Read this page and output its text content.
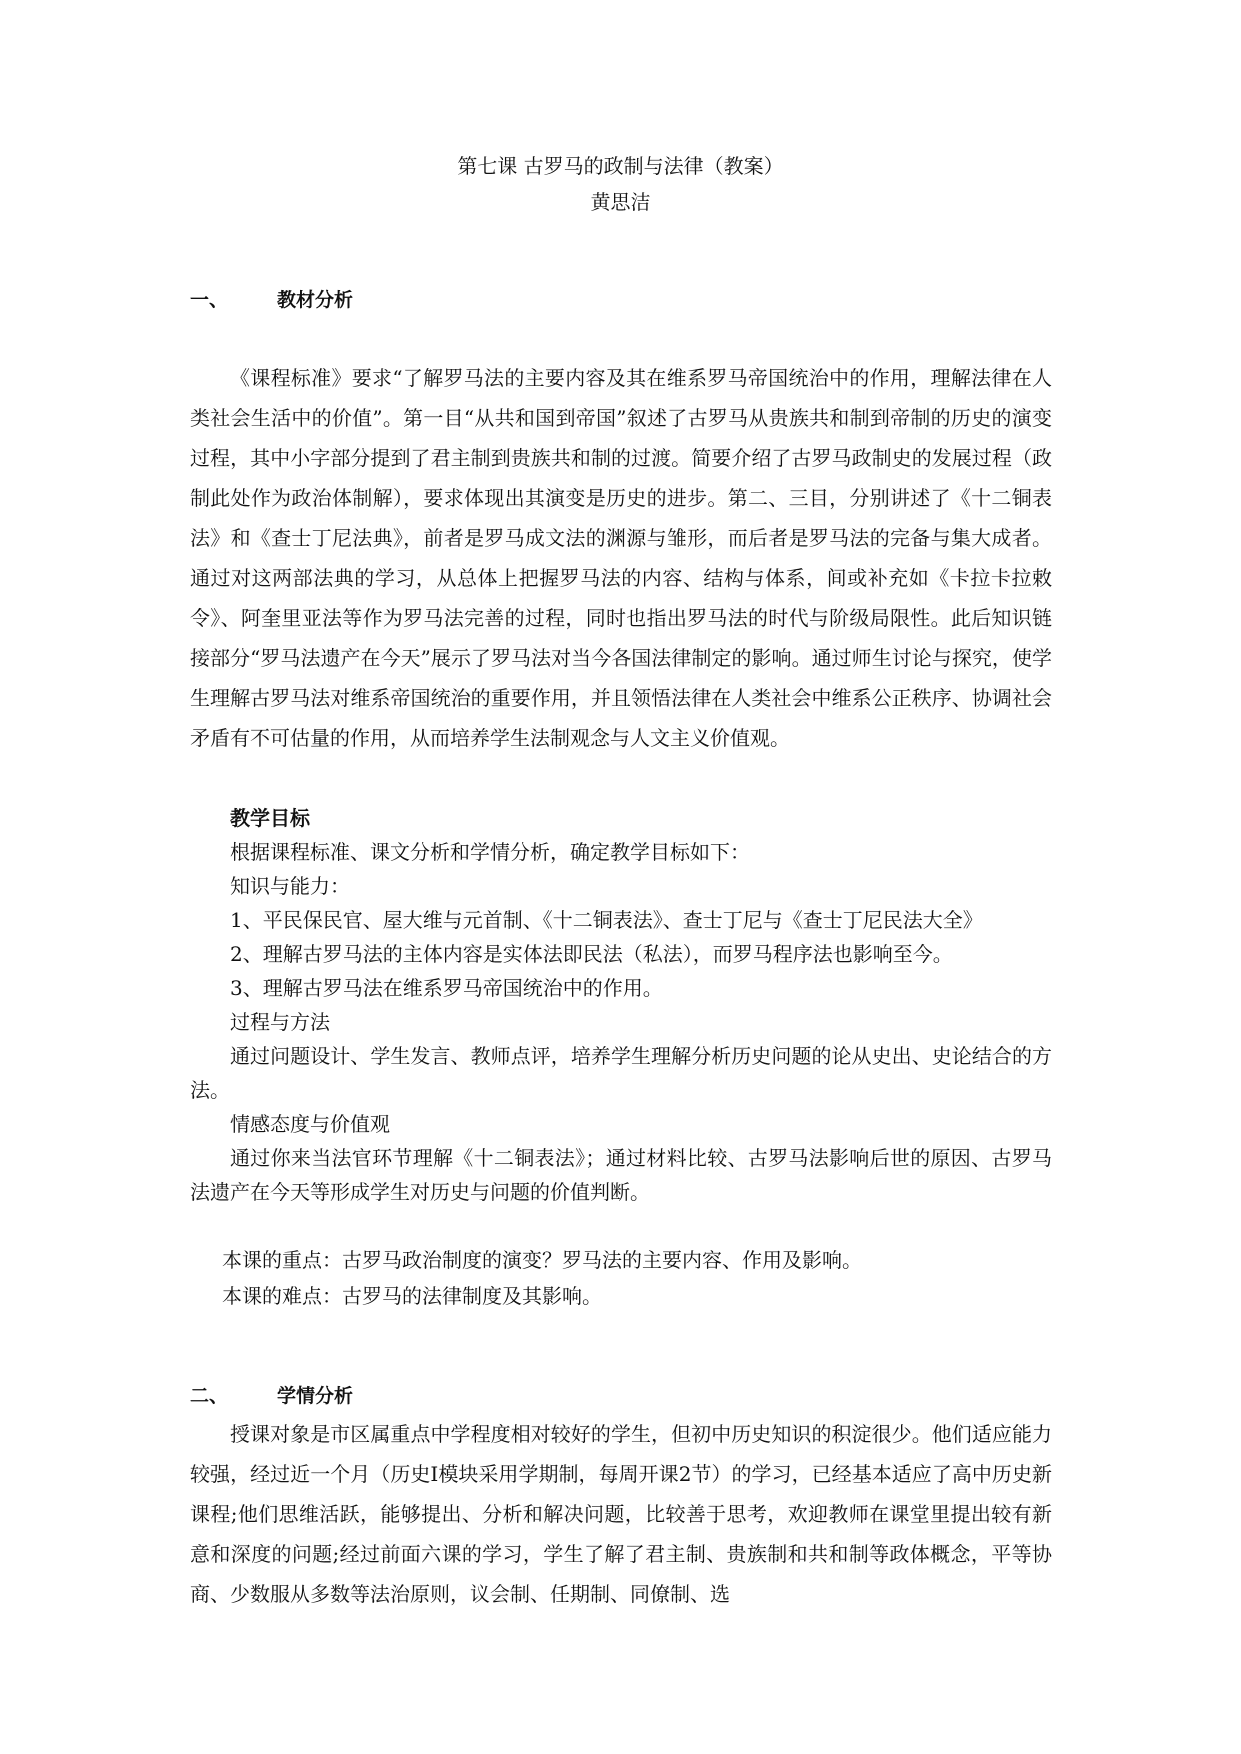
第七课 古罗马的政制与法律（教案）
黄思洁
一、	教材分析

《课程标准》要求“了解罗马法的主要内容及其在维系罗马帝国统治中的作用，理解法律在人类社会生活中的价值”。第一目“从共和国到帝国”叙述了古罗马从贵族共和制到帝制的历史的演变过程，其中小字部分提到了君主制到贵族共和制的过渡。简要介绍了古罗马政制史的发展过程（政制此处作为政治体制解），要求体现出其演变是历史的进步。第二、三目，分别讲述了《十二铜表法》和《查士丁尼法典》，前者是罗马成文法的渊源与雏形，而后者是罗马法的完备与集大成者。通过对这两部法典的学习，从总体上把握罗马法的内容、结构与体系，间或补充如《卡拉卡拉敕令》、阿奎里亚法等作为罗马法完善的过程，同时也指出罗马法的时代与阶级局限性。此后知识链接部分“罗马法遗产在今天”展示了罗马法对当今各国法律制定的影响。通过师生讨论与探究，使学生理解古罗马法对维系帝国统治的重要作用，并且领悟法律在人类社会中维系公正秩序、协调社会矛盾有不可估量的作用，从而培养学生法制观念与人文主义价值观。

教学目标
根据课程标准、课文分析和学情分析，确定教学目标如下：
知识与能力：
1、平民保民官、屋大维与元首制、《十二铜表法》、查士丁尼与《查士丁尼民法大全》
2、理解古罗马法的主体内容是实体法即民法（私法），而罗马程序法也影响至今。
3、理解古罗马法在维系罗马帝国统治中的作用。
过程与方法

通过问题设计、学生发言、教师点评，培养学生理解分析历史问题的论从史出、史论结合的方法。

情感态度与价值观

通过你来当法官环节理解《十二铜表法》；通过材料比较、古罗马法影响后世的原因、古罗马法遗产在今天等形成学生对历史与问题的价值判断。

本课的重点：古罗马政治制度的演变？罗马法的主要内容、作用及影响。
本课的难点：古罗马的法律制度及其影响。
二、	学情分析

授课对象是市区属重点中学程度相对较好的学生，但初中历史知识的积淀很少。他们适应能力较强，经过近一个月（历史Ⅰ模块采用学期制，每周开课2节）的学习，已经基本适应了高中历史新课程;他们思维活跃，能够提出、分析和解决问题，比较善于思考，欢迎教师在课堂里提出较有新意和深度的问题;经过前面六课的学习，学生了解了君主制、贵族制和共和制等政体概念，平等协商、少数服从多数等法治原则，议会制、任期制、同僚制、选
